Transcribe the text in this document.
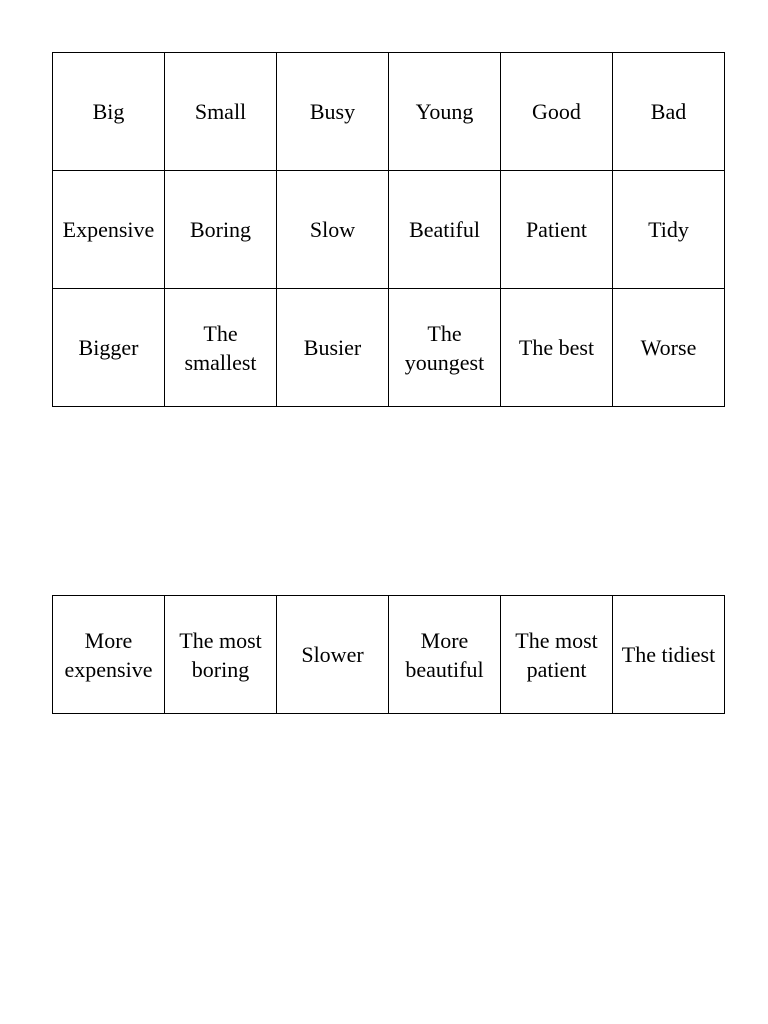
Big	Small	Busy	Young	Good	Bad
Expensive	Boring	Slow	Beatiful	Patient	Tidy
Bigger	The smallest	Busier	The youngest	The best	Worse
More expensive	The most boring	Slower	More beautiful	The most patient	The tidiest
